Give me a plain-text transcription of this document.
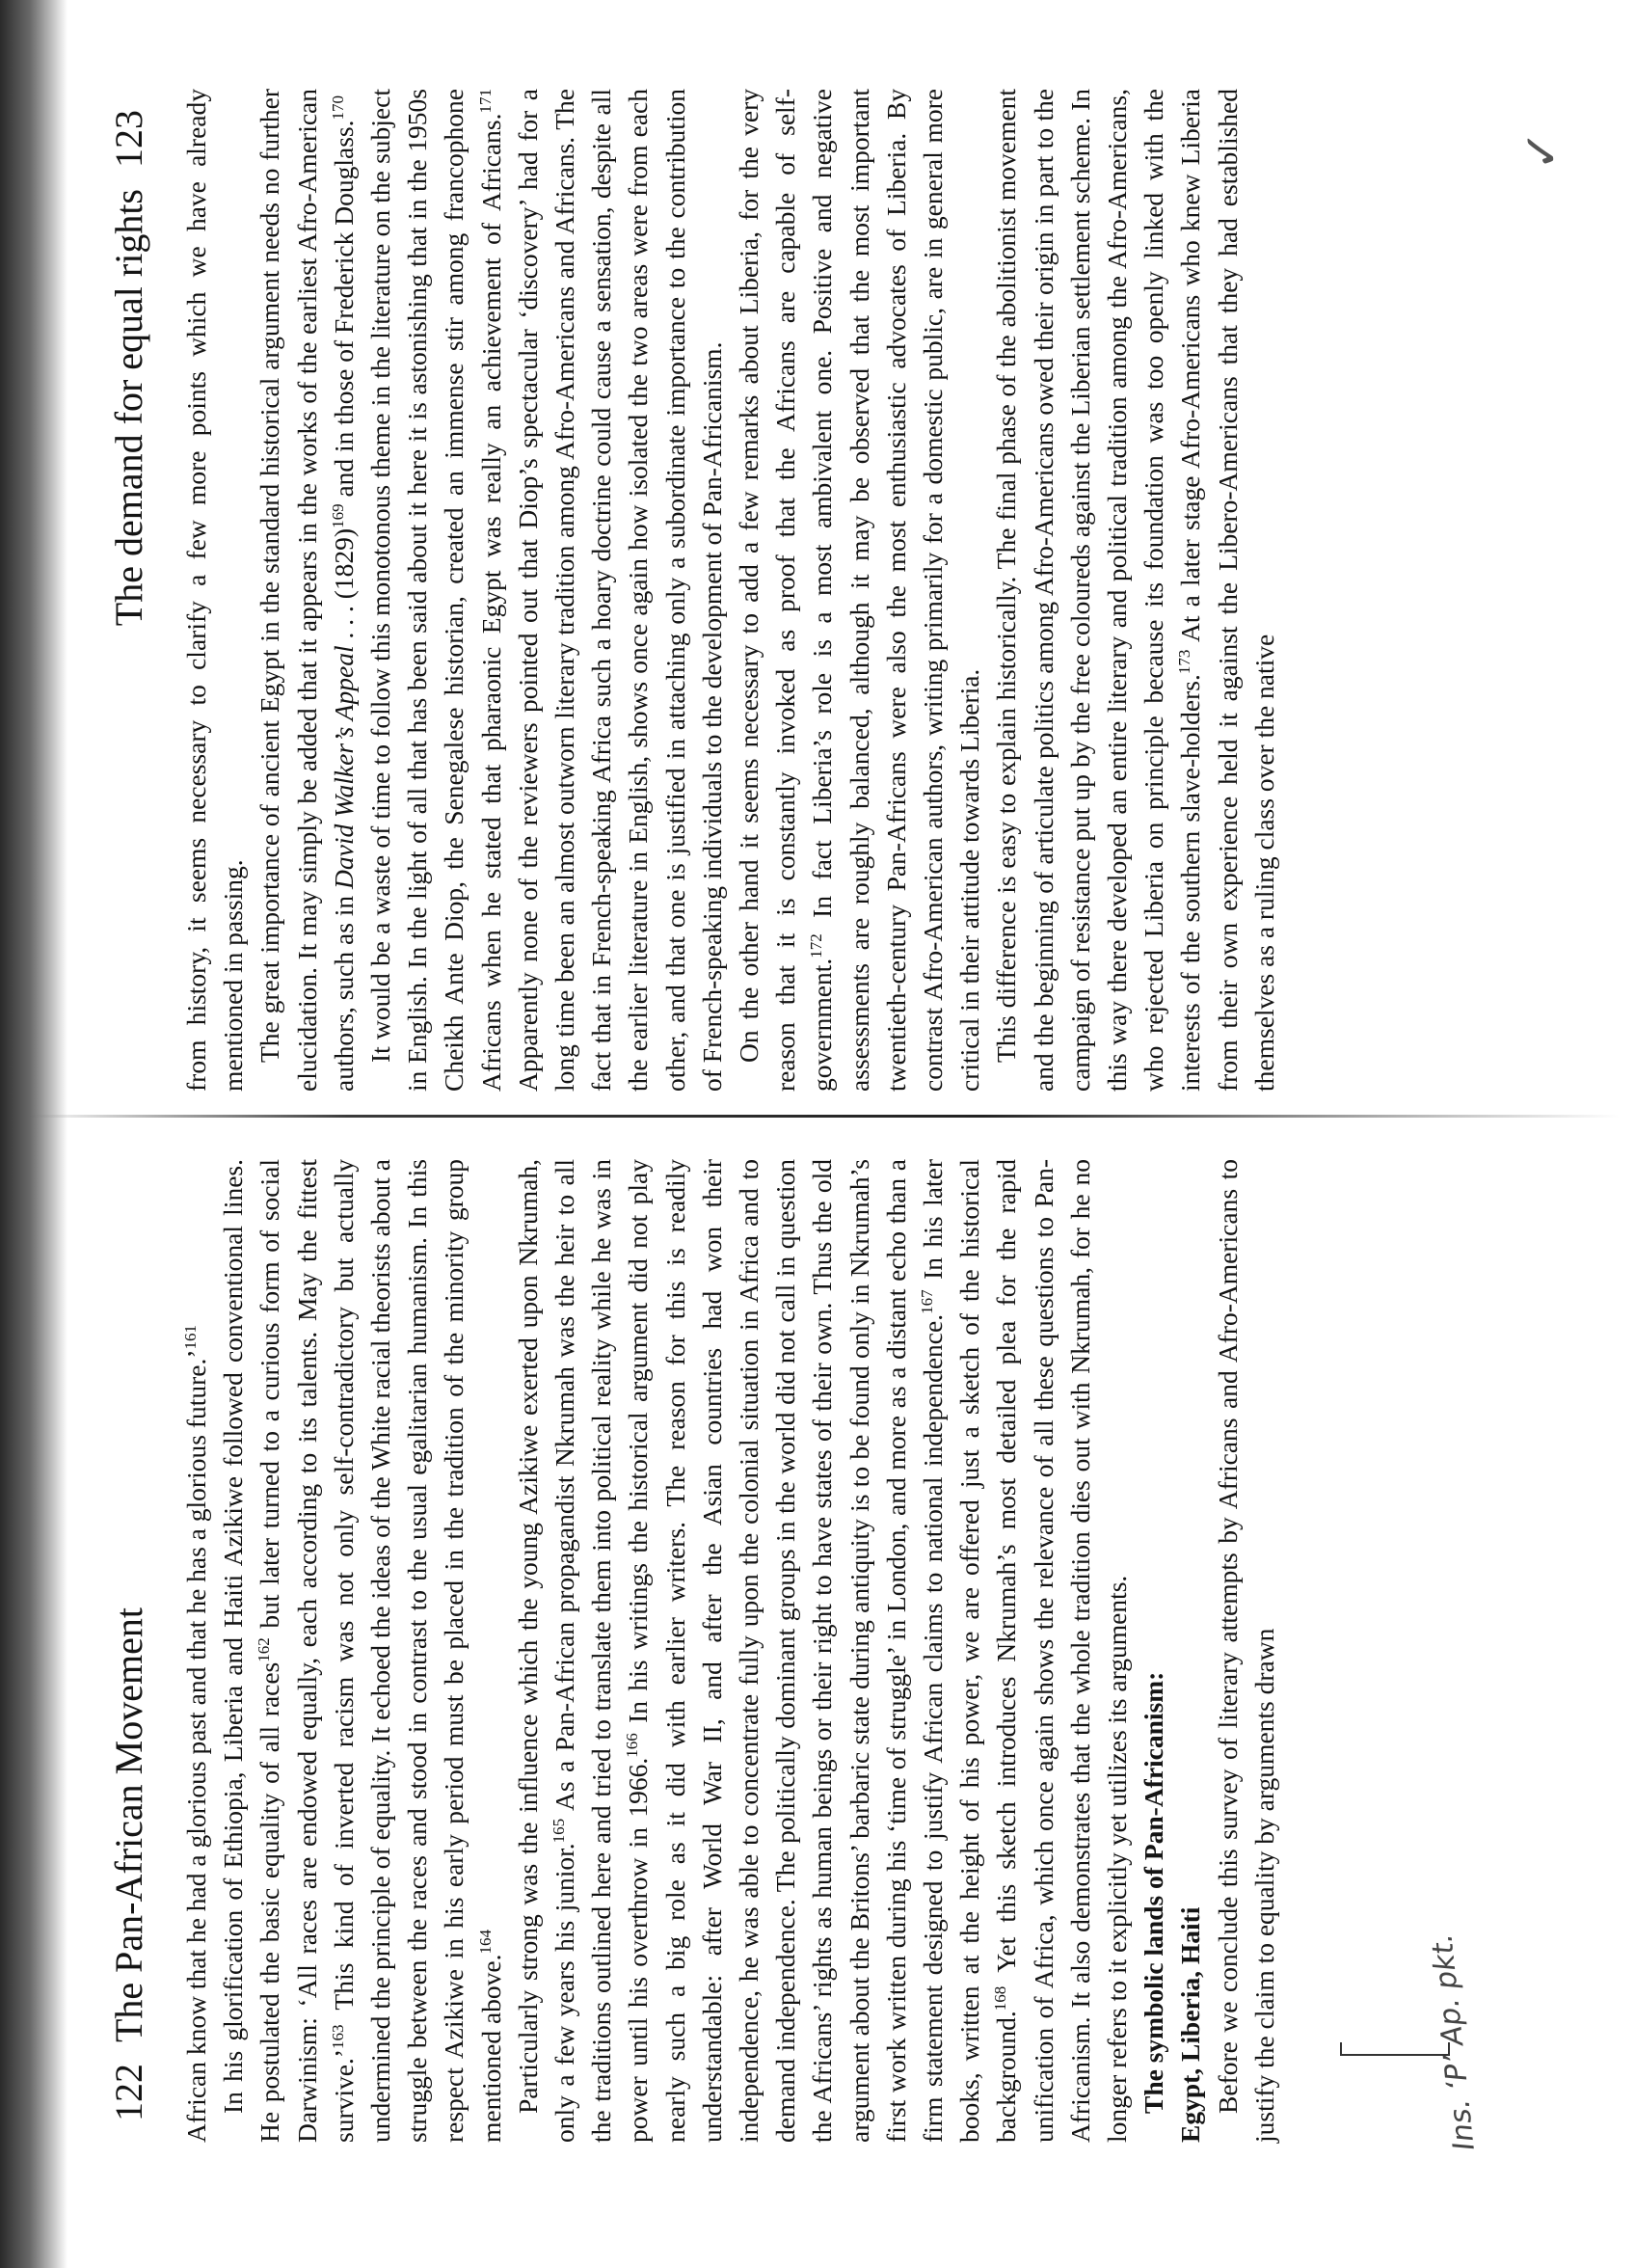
122The Pan-African Movement African know that he had a glorious past and that he has a glorious future.’$^{161}$ In his glorification of Ethiopia, Liberia and Haiti Azikiwe followed conventional lines. He postulated the basic equality of all races$^{162}$ but later turned to a curious form of social Darwinism: ‘All races are endowed equally, each according to its talents. May the fittest survive.’$^{163}$ This kind of inverted racism was not only self-contradictory but actually undermined the principle of equality. It echoed the ideas of the White racial theorists about a struggle between the races and stood in contrast to the usual egalitarian humanism. In this respect Azikiwe in his early period must be placed in the tradition of the minority group mentioned above.$^{164}$ Particularly strong was the influence which the young Azikiwe exerted upon Nkrumah, only a few years his junior.$^{165}$ As a Pan-African propagandist Nkrumah was the heir to all the traditions outlined here and tried to translate them into political reality while he was in power until his overthrow in 1966.$^{166}$ In his writings the historical argument did not play nearly such a big role as it did with earlier writers. The reason for this is readily understandable: after World War II, and after the Asian countries had won their independence, he was able to concentrate fully upon the colonial situation in Africa and to demand independence. The politically dominant groups in the world did not call in question the Africans’ rights as human beings or their right to have states of their own. Thus the old argument about the Britons’ barbaric state during antiquity is to be found only in Nkrumah’s first work written during his ‘time of struggle’ in London, and more as a distant echo than a firm statement designed to justify African claims to national independence.$^{167}$ In his later books, written at the height of his power, we are offered just a sketch of the historical background.$^{168}$ Yet this sketch introduces Nkrumah’s most detailed plea for the rapid unification of Africa, which once again shows the relevance of all these questions to Pan-Africanism. It also demonstrates that the whole tradition dies out with Nkrumah, for he no longer refers to it explicitly yet utilizes its arguments. The symbolic lands of Pan-Africanism: Egypt, Liberia, Haiti Before we conclude this survey of literary attempts by Africans and Afro-Americans to justify the claim to equality by arguments drawn	Ins. ‘P’ Ap. pkt.
The demand for equal rights123 from history, it seems necessary to clarify a few more points which we have already mentioned in passing. The great importance of ancient Egypt in the standard historical argument needs no further elucidation. It may simply be added that it appears in the works of the earliest Afro-American authors, such as in David Walker’s Appeal . . . $(1829)^{169}$ and in those of Frederick Douglass.$^{170}$ It would be a waste of time to follow this monotonous theme in the literature on the subject in English. In the light of all that has been said about it here it is astonishing that in the 1950s Cheikh Ante Diop, the Senegalese historian, created an immense stir among francophone Africans when he stated that pharaonic Egypt was really an achievement of Africans.$^{171}$ Apparently none of the reviewers pointed out that Diop’s spectacular ‘discovery’ had for a long time been an almost outworn literary tradition among Afro-Americans and Africans. The fact that in French-speaking Africa such a hoary doctrine could cause a sensation, despite all the earlier literature in English, shows once again how isolated the two areas were from each other, and that one is justified in attaching only a subordinate importance to the contribution of French-speaking individuals to the development of Pan-Africanism. On the other hand it seems necessary to add a few remarks about Liberia, for the very reason that it is constantly invoked as proof that the Africans are capable of self-government.$^{172}$ In fact Liberia’s role is a most ambivalent one. Positive and negative assessments are roughly balanced, although it may be observed that the most important twentieth-century Pan-Africans were also the most enthusiastic advocates of Liberia. By contrast Afro-American authors, writing primarily for a domestic public, are in general more critical in their attitude towards Liberia. This difference is easy to explain historically. The final phase of the abolitionist movement and the beginning of articulate politics among Afro-Americans owed their origin in part to the campaign of resistance put up by the free coloureds against the Liberian settlement scheme. In this way there developed an entire literary and political tradition among the Afro-Americans, who rejected Liberia on principle because its foundation was too openly linked with the interests of the southern slave-holders.$^{173}$ At a later stage Afro-Americans who knew Liberia from their own experience held it against the Libero-Americans that they had established themselves as a ruling class over the native

✓
